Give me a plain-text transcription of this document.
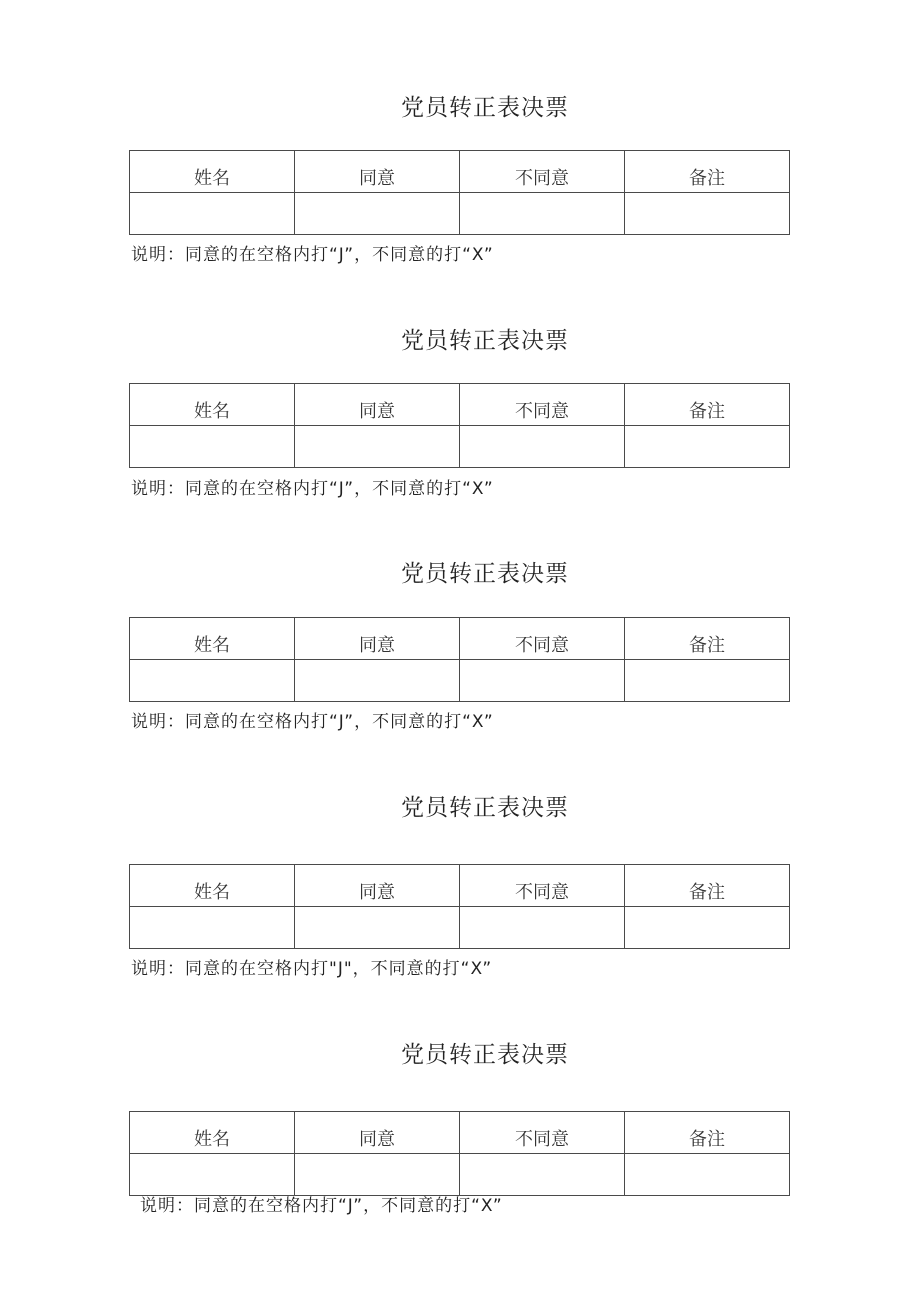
党员转正表决票
姓名	同意	不同意	备注

说明：同意的在空格内打“J”，不同意的打“X”
党员转正表决票
姓名	同意	不同意	备注

说明：同意的在空格内打“J”，不同意的打“X”
党员转正表决票
姓名	同意	不同意	备注

说明：同意的在空格内打“J”，不同意的打“X”
党员转正表决票
姓名	同意	不同意	备注

说明：同意的在空格内打"J"，不同意的打“X”
党员转正表决票
姓名	同意	不同意	备注

说明：同意的在空格内打“J”，不同意的打“X”
